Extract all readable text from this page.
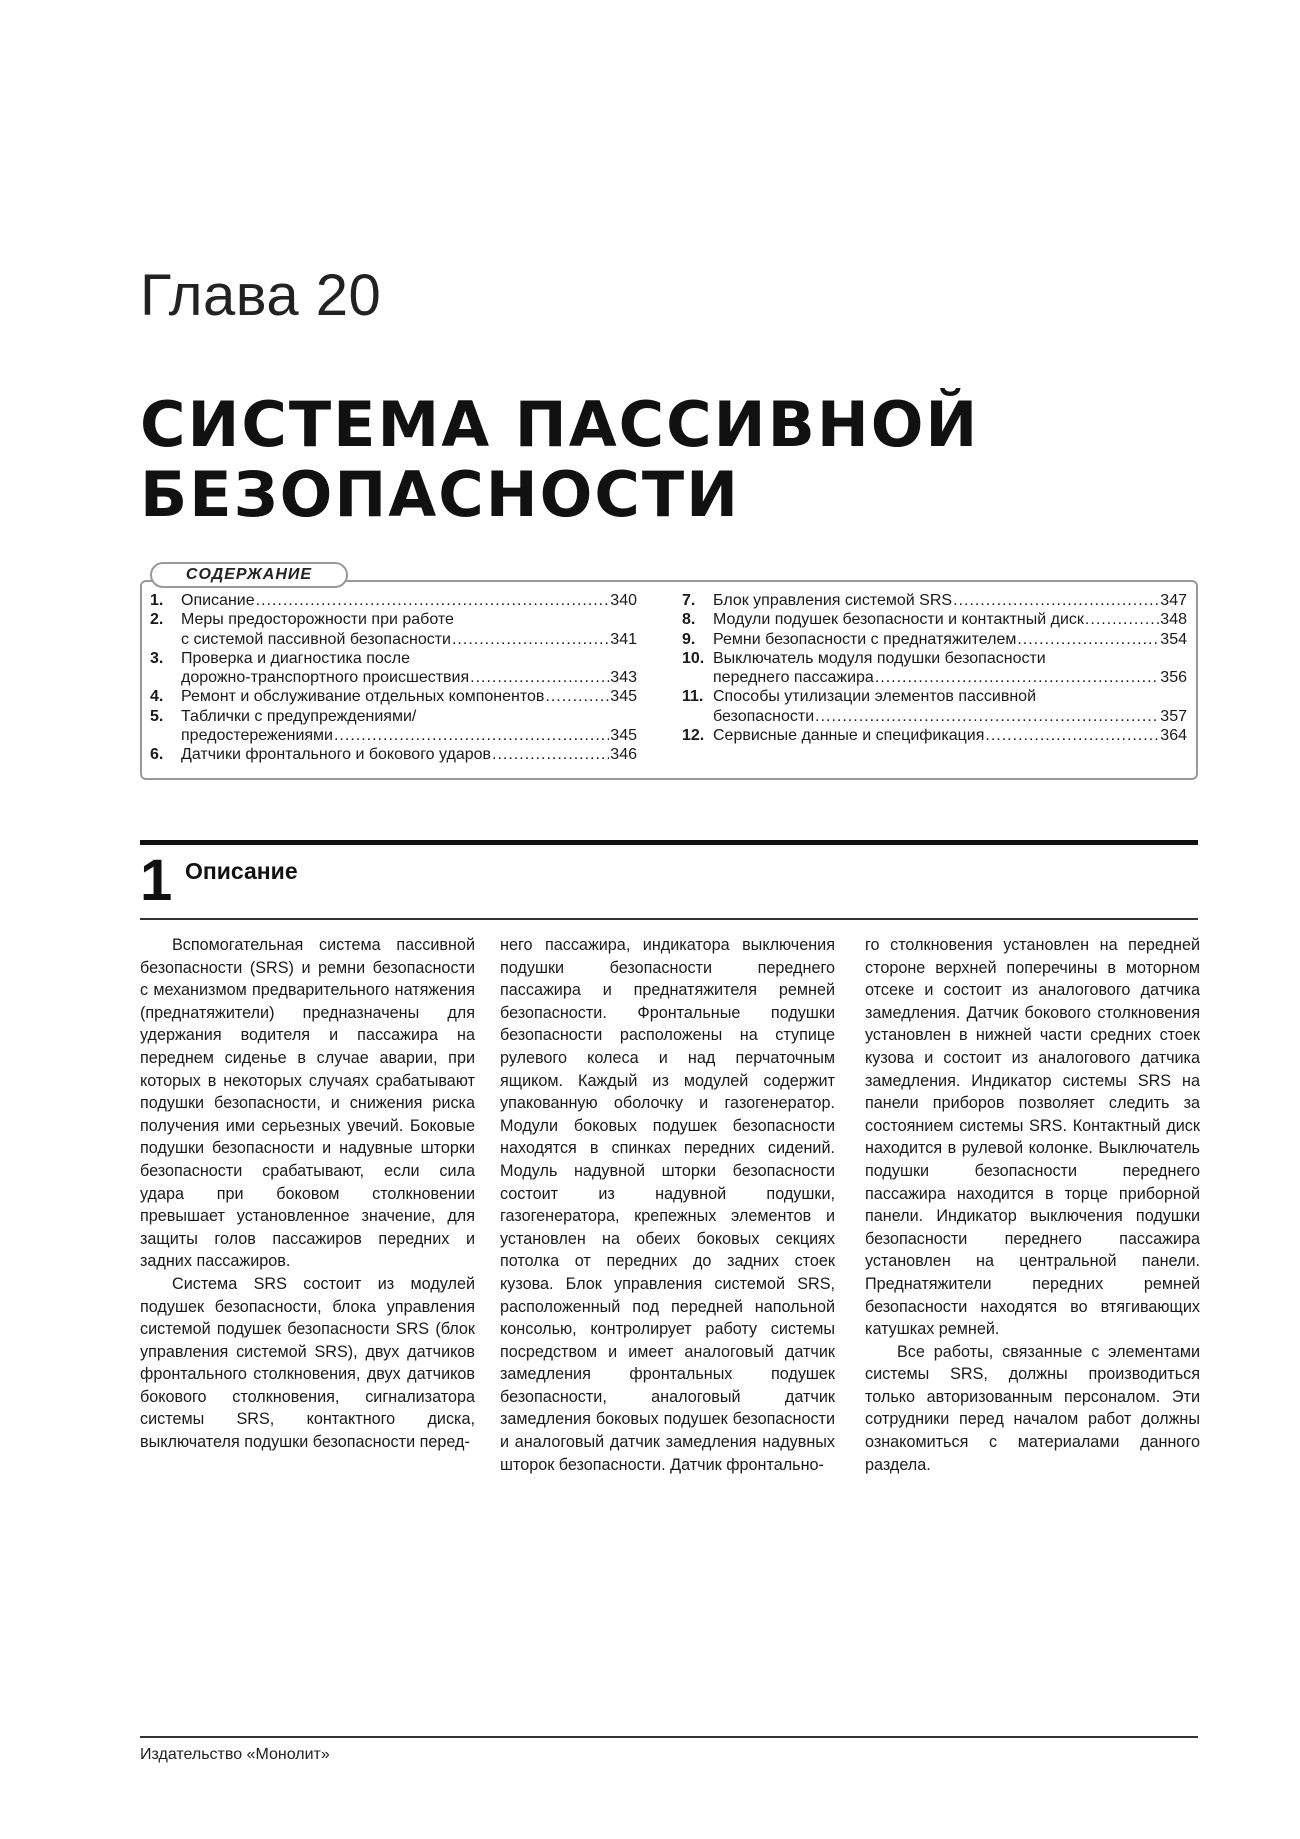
Глава 20
СИСТЕМА ПАССИВНОЙ
БЕЗОПАСНОСТИ
СОДЕРЖАНИЕ
1. Описание .....	340
2. Меры предосторожности при работе
с системой пассивной безопасности .....	341
3. Проверка и диагностика после
дорожно-транспортного происшествия .....	343
4. Ремонт и обслуживание отдельных компонентов .....	345
5. Таблички с предупреждениями/
предостережениями .....	345
6. Датчики фронтального и бокового ударов .....	346
7. Блок управления системой SRS .....	347
8. Модули подушек безопасности и контактный диск .....	348
9. Ремни безопасности с преднатяжителем .....	354
10. Выключатель модуля подушки безопасности
переднего пассажира .....	356
11. Способы утилизации элементов пассивной
безопасности .....	357
12. Сервисные данные и спецификация .....	364
1 Описание

Вспомогательная система пассивной безопасности (SRS) и ремни безопасности с механизмом предварительного натяжения (преднатяжители) предназначены для удержания водителя и пассажира на переднем сиденье в случае аварии, при которых в некоторых случаях срабатывают подушки безопасности, и снижения риска получения ими серьезных увечий. Боковые подушки безопасности и надувные шторки безопасности срабатывают, если сила удара при боковом столкновении превышает установленное значение, для защиты голов пассажиров передних и задних пассажиров.

Система SRS состоит из модулей подушек безопасности, блока управления системой подушек безопасности SRS (блок управления системой SRS), двух датчиков фронтального столкновения, двух датчиков бокового столкновения, сигнализатора системы SRS, контактного диска, выключателя подушки безопасности перед-

него пассажира, индикатора выключения подушки безопасности переднего пассажира и преднатяжителя ремней безопасности. Фронтальные подушки безопасности расположены на ступице рулевого колеса и над перчаточным ящиком. Каждый из модулей содержит упакованную оболочку и газогенератор. Модули боковых подушек безопасности находятся в спинках передних сидений. Модуль надувной шторки безопасности состоит из надувной подушки, газогенератора, крепежных элементов и установлен на обеих боковых секциях потолка от передних до задних стоек кузова. Блок управления системой SRS, расположенный под передней напольной консолью, контролирует работу системы посредством и имеет аналоговый датчик замедления фронтальных подушек безопасности, аналоговый датчик замедления боковых подушек безопасности и аналоговый датчик замедления надувных шторок безопасности. Датчик фронтально-

го столкновения установлен на передней стороне верхней поперечины в моторном отсеке и состоит из аналогового датчика замедления. Датчик бокового столкновения установлен в нижней части средних стоек кузова и состоит из аналогового датчика замедления. Индикатор системы SRS на панели приборов позволяет следить за состоянием системы SRS. Контактный диск находится в рулевой колонке. Выключатель подушки безопасности переднего пассажира находится в торце приборной панели. Индикатор выключения подушки безопасности переднего пассажира установлен на центральной панели. Преднатяжители передних ремней безопасности находятся во втягивающих катушках ремней.

Все работы, связанные с элементами системы SRS, должны производиться только авторизованным персоналом. Эти сотрудники перед началом работ должны ознакомиться с материалами данного раздела.

Издательство «Монолит»
